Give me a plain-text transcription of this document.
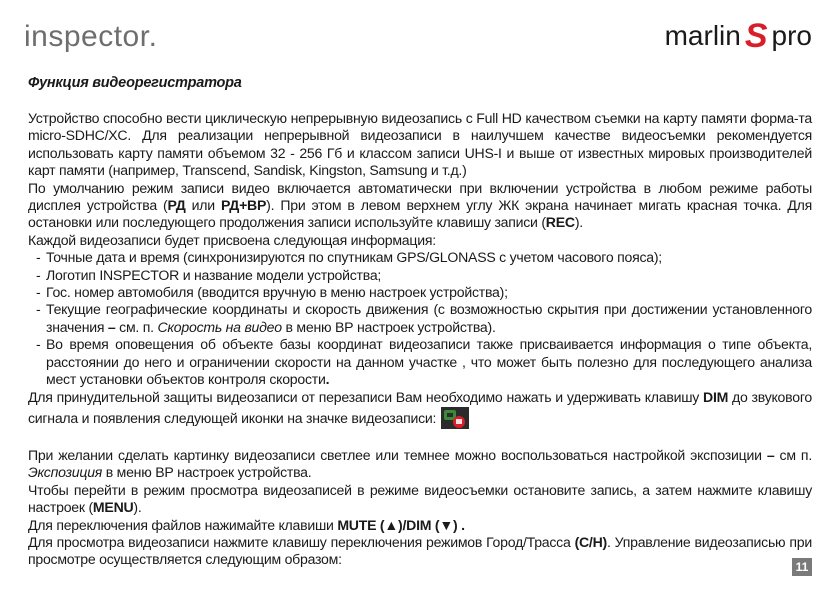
inspector.	marlin S pro
Функция видеорегистратора

Устройство способно вести циклическую непрерывную видеозапись с Full HD качеством съемки на карту памяти форма-та micro-SDHC/XC. Для реализации непрерывной видеозаписи в наилучшем качестве видеосъемки рекомендуется использовать карту памяти объемом 32 - 256 Гб и классом записи UHS-I и выше от известных мировых производителей карт памяти (например, Transcend, Sandisk, Kingston, Samsung и т.д.)

По умолчанию режим записи видео включается автоматически при включении устройства в любом режиме работы дисплея устройства (РД или РД+ВР). При этом в левом верхнем углу ЖК экрана начинает мигать красная точка. Для остановки или последующего продолжения записи используйте клавишу записи (REC).

Каждой видеозаписи будет присвоена следующая информация:

- Точные дата и время (синхронизируются по спутникам GPS/GLONASS с учетом часового пояса);
- Логотип INSPECTOR и название модели устройства;
- Гос. номер автомобиля (вводится вручную в меню настроек устройства);
- Текущие географические координаты и скорость движения (с возможностью скрытия при достижении установленного значения – см. п. Скорость на видео в меню ВР настроек устройства).
- Во время оповещения об объекте базы координат видеозаписи также присваивается информация о типе объекта, расстоянии до него и ограничении скорости на данном участке , что может быть полезно для последующего анализа мест установки объектов контроля скорости.

Для принудительной защиты видеозаписи от перезаписи Вам необходимо нажать и удерживать клавишу DIM до звукового сигнала и появления следующей иконки на значке видеозаписи:

При желании сделать картинку видеозаписи светлее или темнее можно воспользоваться настройкой экспозиции – см п. Экспозиция в меню ВР настроек устройства.

Чтобы перейти в режим просмотра видеозаписей в режиме видеосъемки остановите запись, а затем нажмите клавишу настроек (MENU).

Для переключения файлов нажимайте клавиши MUTE (▲)/DIM (▼) .

Для просмотра видеозаписи нажмите клавишу переключения режимов Город/Трасса (C/H). Управление видеозаписью при просмотре осуществляется следующим образом:	11
